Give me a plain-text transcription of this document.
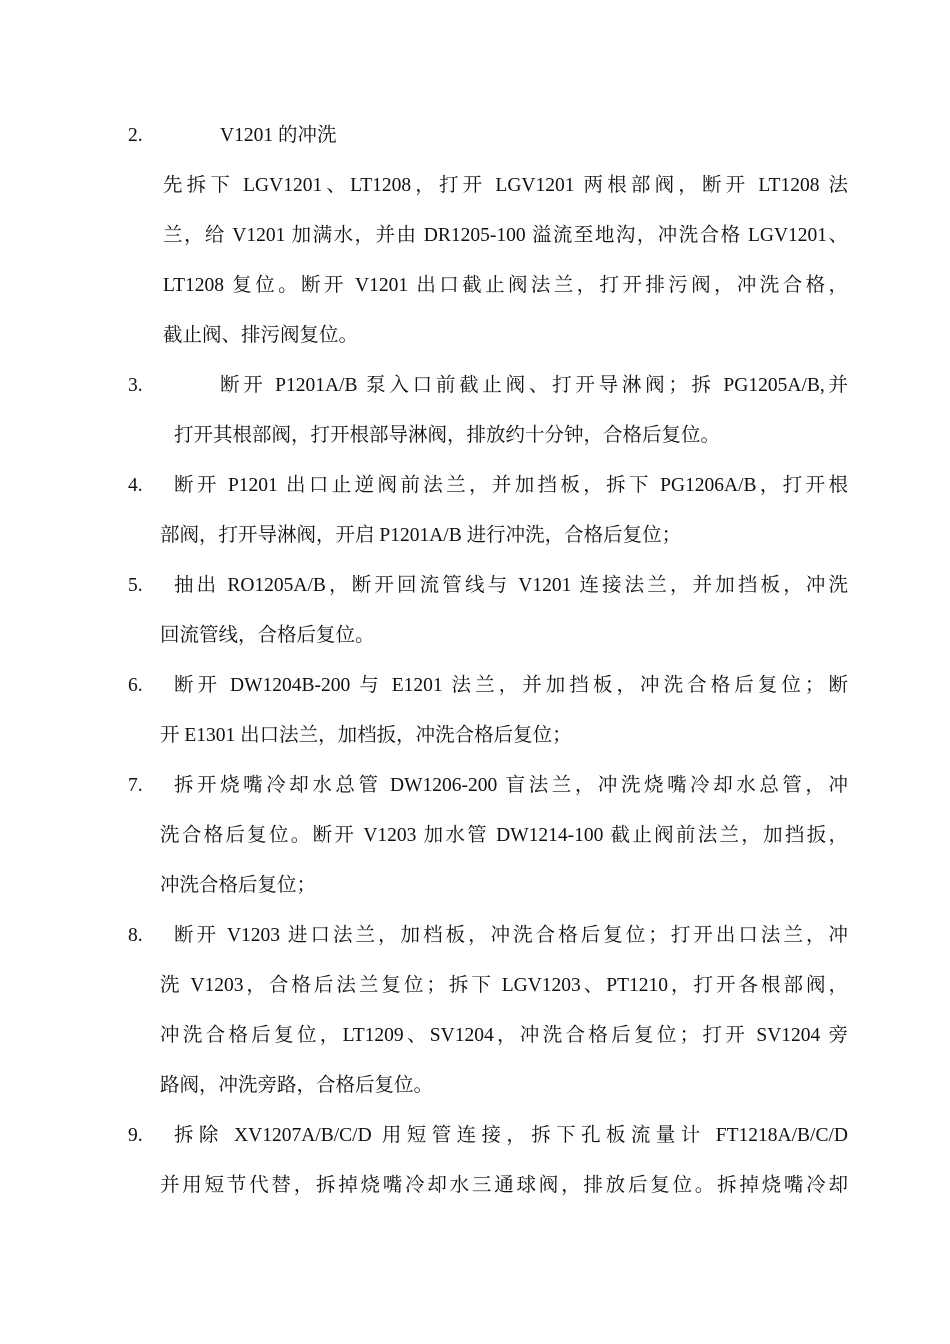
2.	V1201 的冲洗
先拆下 LGV1201、LT1208，打开 LGV1201 两根部阀，断开 LT1208 法
兰，给 V1201 加满水，并由 DR1205-100 溢流至地沟，冲洗合格 LGV1201、
LT1208 复位。断开 V1201 出口截止阀法兰，打开排污阀，冲洗合格，
截止阀、排污阀复位。
3.	断开 P1201A/B 泵入口前截止阀、打开导淋阀；拆 PG1205A/B,并
打开其根部阀，打开根部导淋阀，排放约十分钟，合格后复位。
4. 断开 P1201 出口止逆阀前法兰，并加挡板，拆下 PG1206A/B，打开根
部阀，打开导淋阀，开启 P1201A/B 进行冲洗，合格后复位；
5. 抽出 RO1205A/B，断开回流管线与 V1201 连接法兰，并加挡板，冲洗
回流管线，合格后复位。
6. 断开 DW1204B-200 与 E1201 法兰，并加挡板，冲洗合格后复位；断
开 E1301 出口法兰，加档扳，冲洗合格后复位；
7. 拆开烧嘴冷却水总管 DW1206-200 盲法兰，冲洗烧嘴冷却水总管，冲
洗合格后复位。断开 V1203 加水管 DW1214-100 截止阀前法兰，加挡扳，
冲洗合格后复位；
8. 断开 V1203 进口法兰，加档板，冲洗合格后复位；打开出口法兰，冲
洗 V1203，合格后法兰复位；拆下 LGV1203、PT1210，打开各根部阀，
冲洗合格后复位，LT1209、SV1204，冲洗合格后复位；打开 SV1204 旁
路阀，冲洗旁路，合格后复位。
9. 拆除 XV1207A/B/C/D 用短管连接，拆下孔板流量计 FT1218A/B/C/D
并用短节代替，拆掉烧嘴冷却水三通球阀，排放后复位。拆掉烧嘴冷却
